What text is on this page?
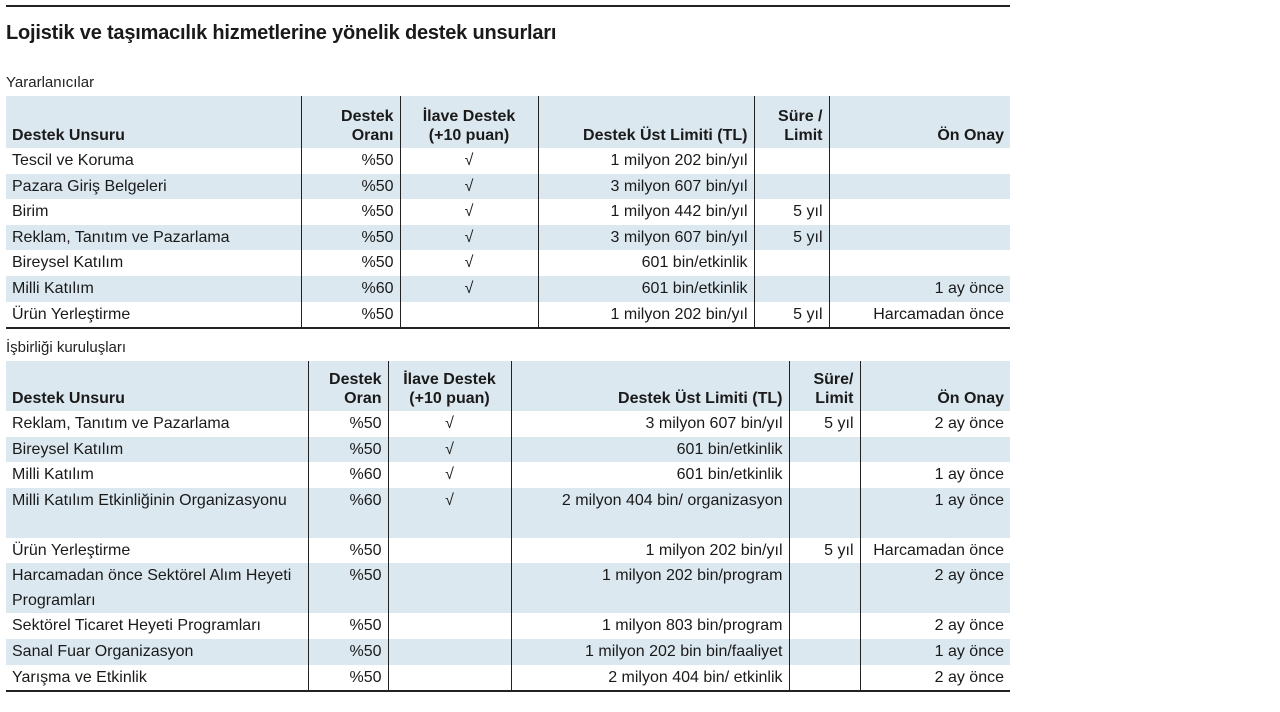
Lojistik ve taşımacılık hizmetlerine yönelik destek unsurları
Yararlanıcılar
Destek Unsuru	Destek Oranı	İlave Destek (+10 puan)	Destek Üst Limiti (TL)	Süre / Limit	Ön Onay
Tescil ve Koruma	%50	√	1 milyon 202 bin/yıl		
Pazara Giriş Belgeleri	%50	√	3 milyon 607 bin/yıl		
Birim	%50	√	1 milyon 442 bin/yıl	5 yıl	
Reklam, Tanıtım ve Pazarlama	%50	√	3 milyon 607 bin/yıl	5 yıl	
Bireysel Katılım	%50	√	601 bin/etkinlik		
Milli Katılım	%60	√	601 bin/etkinlik		1 ay önce
Ürün Yerleştirme	%50		1 milyon 202 bin/yıl	5 yıl	Harcamadan önce
İşbirliği kuruluşları
Destek Unsuru	Destek Oran	İlave Destek (+10 puan)	Destek Üst Limiti (TL)	Süre/ Limit	Ön Onay
Reklam, Tanıtım ve Pazarlama	%50	√	3 milyon 607 bin/yıl	5 yıl	2 ay önce
Bireysel Katılım	%50	√	601 bin/etkinlik		
Milli Katılım	%60	√	601 bin/etkinlik		1 ay önce
Milli Katılım Etkinliğinin Organizasyonu	%60	√	2 milyon 404 bin/ organizasyon		1 ay önce
Ürün Yerleştirme	%50		1 milyon 202 bin/yıl	5 yıl	Harcamadan önce
Harcamadan önce Sektörel Alım Heyeti Programları	%50		1 milyon 202 bin/program		2 ay önce
Sektörel Ticaret Heyeti Programları	%50		1 milyon 803 bin/program		2 ay önce
Sanal Fuar Organizasyon	%50		1 milyon 202 bin bin/faaliyet		1 ay önce
Yarışma ve Etkinlik	%50		2 milyon 404 bin/ etkinlik		2 ay önce
